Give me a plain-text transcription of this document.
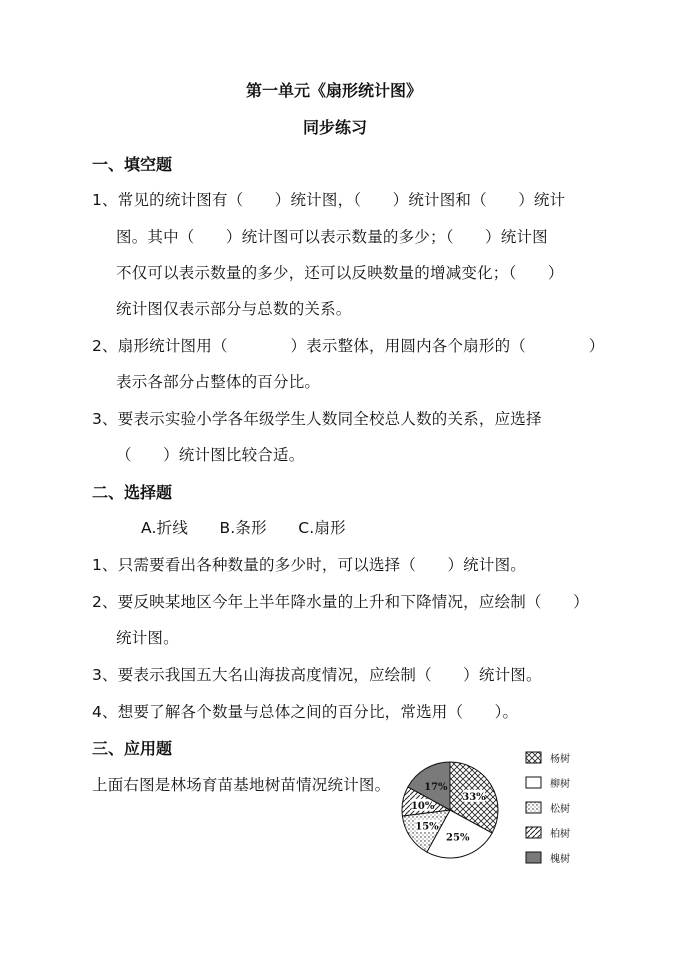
第一单元《扇形统计图》
同步练习
一、填空题
1、常见的统计图有（　　）统计图，（　　）统计图和（　　）统计
图。其中（　　）统计图可以表示数量的多少；（　　）统计图
不仅可以表示数量的多少，还可以反映数量的增减变化；（　　）
统计图仅表示部分与总数的关系。
2、扇形统计图用（　　　　）表示整体，用圆内各个扇形的（　　　　）
表示各部分占整体的百分比。
3、要表示实验小学各年级学生人数同全校总人数的关系，应选择
（　　）统计图比较合适。
二、选择题
A.折线　　B.条形　　C.扇形
1、只需要看出各种数量的多少时，可以选择（　　）统计图。
2、要反映某地区今年上半年降水量的上升和下降情况，应绘制（　　）
统计图。
3、要表示我国五大名山海拔高度情况，应绘制（　　）统计图。
4、想要了解各个数量与总体之间的百分比，常选用（　　）。
三、应用题
上面右图是林场育苗基地树苗情况统计图。
33%
25%
15%
10%
17%
杨树
柳树
松树
柏树
槐树
